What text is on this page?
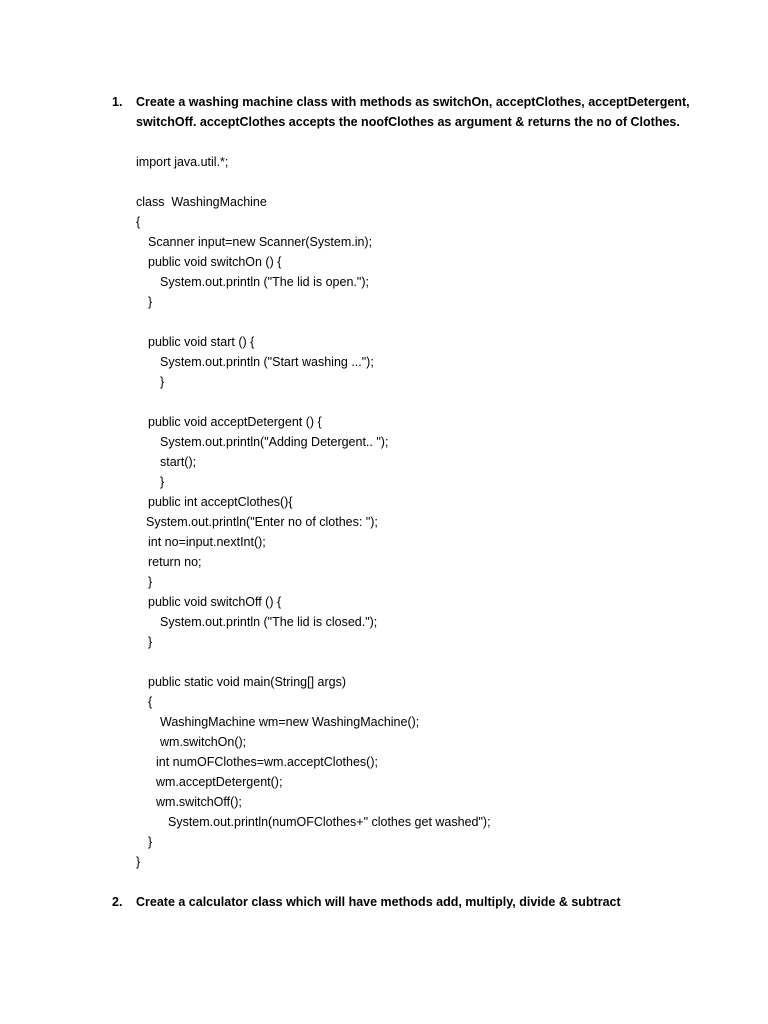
1. Create a washing machine class with methods as switchOn, acceptClothes, acceptDetergent,
switchOff. acceptClothes accepts the noofClothes as argument & returns the no of Clothes.
import java.util.*;
class  WashingMachine
{
Scanner input=new Scanner(System.in);
public void switchOn () {
System.out.println ("The lid is open.");
}
public void start () {
System.out.println ("Start washing ...");
}
public void acceptDetergent () {
System.out.println("Adding Detergent.. ");
start();
}
public int acceptClothes(){
System.out.println("Enter no of clothes: ");
int no=input.nextInt();
return no;
}
public void switchOff () {
System.out.println ("The lid is closed.");
}
public static void main(String[] args)
{
WashingMachine wm=new WashingMachine();
wm.switchOn();
int numOFClothes=wm.acceptClothes();
wm.acceptDetergent();
wm.switchOff();
System.out.println(numOFClothes+" clothes get washed");
}
}
2. Create a calculator class which will have methods add, multiply, divide & subtract
